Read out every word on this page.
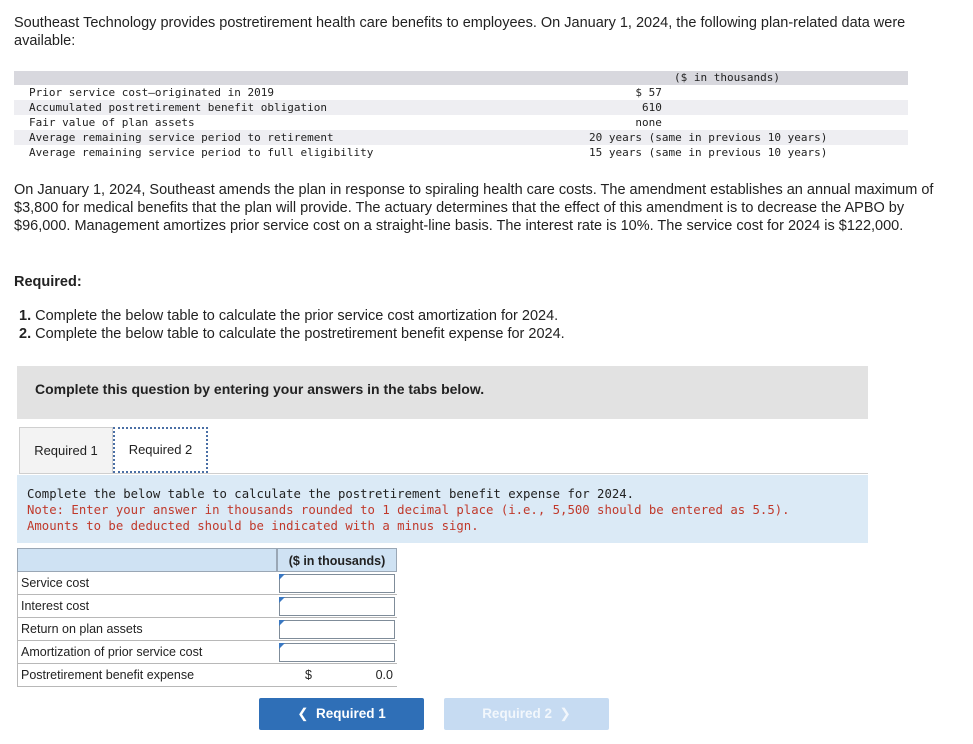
Southeast Technology provides postretirement health care benefits to employees. On January 1, 2024, the following plan-related data were available:
($ in thousands)
Prior service cost—originated in 2019	$ 57
Accumulated postretirement benefit obligation	610
Fair value of plan assets	none
Average remaining service period to retirement	20 years (same in previous 10 years)
Average remaining service period to full eligibility	15 years (same in previous 10 years)
On January 1, 2024, Southeast amends the plan in response to spiraling health care costs. The amendment establishes an annual maximum of $3,800 for medical benefits that the plan will provide. The actuary determines that the effect of this amendment is to decrease the APBO by $96,000. Management amortizes prior service cost on a straight-line basis. The interest rate is 10%. The service cost for 2024 is $122,000.
Required:
1. Complete the below table to calculate the prior service cost amortization for 2024.
2. Complete the below table to calculate the postretirement benefit expense for 2024.
Complete this question by entering your answers in the tabs below.
Required 1	Required 2
Complete the below table to calculate the postretirement benefit expense for 2024.
Note: Enter your answer in thousands rounded to 1 decimal place (i.e., 5,500 should be entered as 5.5). Amounts to be deducted should be indicated with a minus sign.
($ in thousands)
Service cost
Interest cost
Return on plan assets
Amortization of prior service cost
Postretirement benefit expense	$	0.0
❮ Required 1	Required 2 ❯
